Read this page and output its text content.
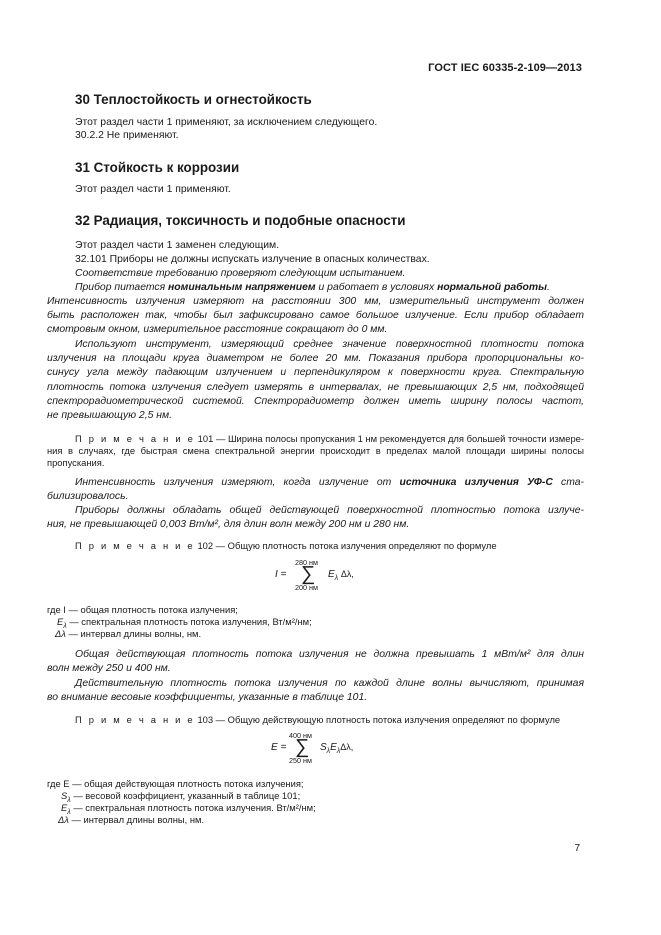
ГОСТ IEC 60335-2-109—2013
30 Теплостойкость и огнестойкость
Этот раздел части 1 применяют, за исключением следующего.
30.2.2 Не применяют.
31 Стойкость к коррозии
Этот раздел части 1 применяют.
32 Радиация, токсичность и подобные опасности
Этот раздел части 1 заменен следующим.
32.101 Приборы не должны испускать излучение в опасных количествах.
Соответствие требованию проверяют следующим испытанием.
Прибор питается номинальным напряжением и работает в условиях нормальной работы.
Интенсивность излучения измеряют на расстоянии 300 мм, измерительный инструмент должен
быть расположен так, чтобы был зафиксировано самое большое излучение. Если прибор обладает
смотровым окном, измерительное расстояние сокращают до 0 мм.
Используют инструмент, измеряющий среднее значение поверхностной плотности потока
излучения на площади круга диаметром не более 20 мм. Показания прибора пропорциональны ко-
синусу угла между падающим излучением и перпендикуляром к поверхности круга. Спектральную
плотность потока излучения следует измерять в интервалах, не превышающих 2,5 нм, подходящей
спектрорадиометрической системой. Спектрорадиометр должен иметь ширину полосы частот,
не превышающую 2,5 нм.
П р и м е ч а н и е 101 — Ширина полосы пропускания 1 нм рекомендуется для большей точности измере-
ния в случаях, где быстрая смена спектральной энергии происходит в пределах малой площади ширины полосы
пропускания.
Интенсивность излучения измеряют, когда излучение от источника излучения УФ-С ста-
билизировалось.
Приборы должны обладать общей действующей поверхностной плотностью потока излуче-
ния, не превышающей 0,003 Вт/м², для длин волн между 200 нм и 280 нм.
П р и м е ч а н и е 102 — Общую плотность потока излучения определяют по формуле
280 нм
I = ∑ $E_\lambda$ Δλ,
200 нм
где I — общая плотность потока излучения;
$E_\lambda$ — спектральная плотность потока излучения, Вт/м²/нм;
Δλ — интервал длины волны, нм.
Общая действующая плотность потока излучения не должна превышать 1 мВт/м² для длин
волн между 250 и 400 нм.
Действительную плотность потока излучения по каждой длине волны вычисляют, принимая
во внимание весовые коэффициенты, указанные в таблице 101.
П р и м е ч а н и е 103 — Общую действующую плотность потока излучения определяют по формуле
400 нм
E = ∑ $S_\lambda E_\lambda\Delta\lambda$,
250 нм
где E — общая действующая плотность потока излучения;
$S_\lambda$ — весовой коэффициент, указанный в таблице 101;
$E_\lambda$ — спектральная плотность потока излучения. Вт/м²/нм;
Δλ — интервал длины волны, нм.
7
